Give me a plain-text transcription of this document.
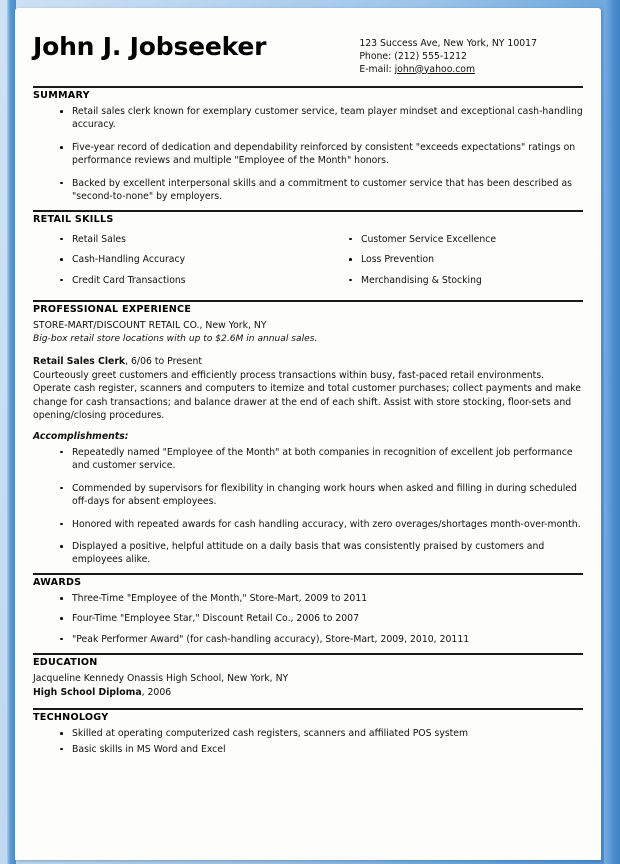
John J. Jobseeker	123 Success Ave, New York, NY 10017
Phone: (212) 555-1212
E-mail: john@yahoo.com
SUMMARY
Retail sales clerk known for exemplary customer service, team player mindset and exceptional cash-handling accuracy.
Five-year record of dedication and dependability reinforced by consistent "exceeds expectations" ratings on performance reviews and multiple "Employee of the Month" honors.
Backed by excellent interpersonal skills and a commitment to customer service that has been described as "second-to-none" by employers.
RETAIL SKILLS
Retail Sales
Cash-Handling Accuracy
Credit Card Transactions
Customer Service Excellence
Loss Prevention
Merchandising & Stocking
PROFESSIONAL EXPERIENCE
STORE-MART/DISCOUNT RETAIL CO., New York, NY
Big-box retail store locations with up to $2.6M in annual sales.
Retail Sales Clerk, 6/06 to Present
Courteously greet customers and efficiently process transactions within busy, fast-paced retail environments. Operate cash register, scanners and computers to itemize and total customer purchases; collect payments and make change for cash transactions; and balance drawer at the end of each shift. Assist with store stocking, floor-sets and opening/closing procedures.
Accomplishments:
Repeatedly named "Employee of the Month" at both companies in recognition of excellent job performance and customer service.
Commended by supervisors for flexibility in changing work hours when asked and filling in during scheduled off-days for absent employees.
Honored with repeated awards for cash handling accuracy, with zero overages/shortages month-over-month.
Displayed a positive, helpful attitude on a daily basis that was consistently praised by customers and employees alike.
AWARDS
Three-Time "Employee of the Month," Store-Mart, 2009 to 2011
Four-Time "Employee Star," Discount Retail Co., 2006 to 2007
"Peak Performer Award" (for cash-handling accuracy), Store-Mart, 2009, 2010, 20111
EDUCATION
Jacqueline Kennedy Onassis High School, New York, NY
High School Diploma, 2006
TECHNOLOGY
Skilled at operating computerized cash registers, scanners and affiliated POS system
Basic skills in MS Word and Excel
